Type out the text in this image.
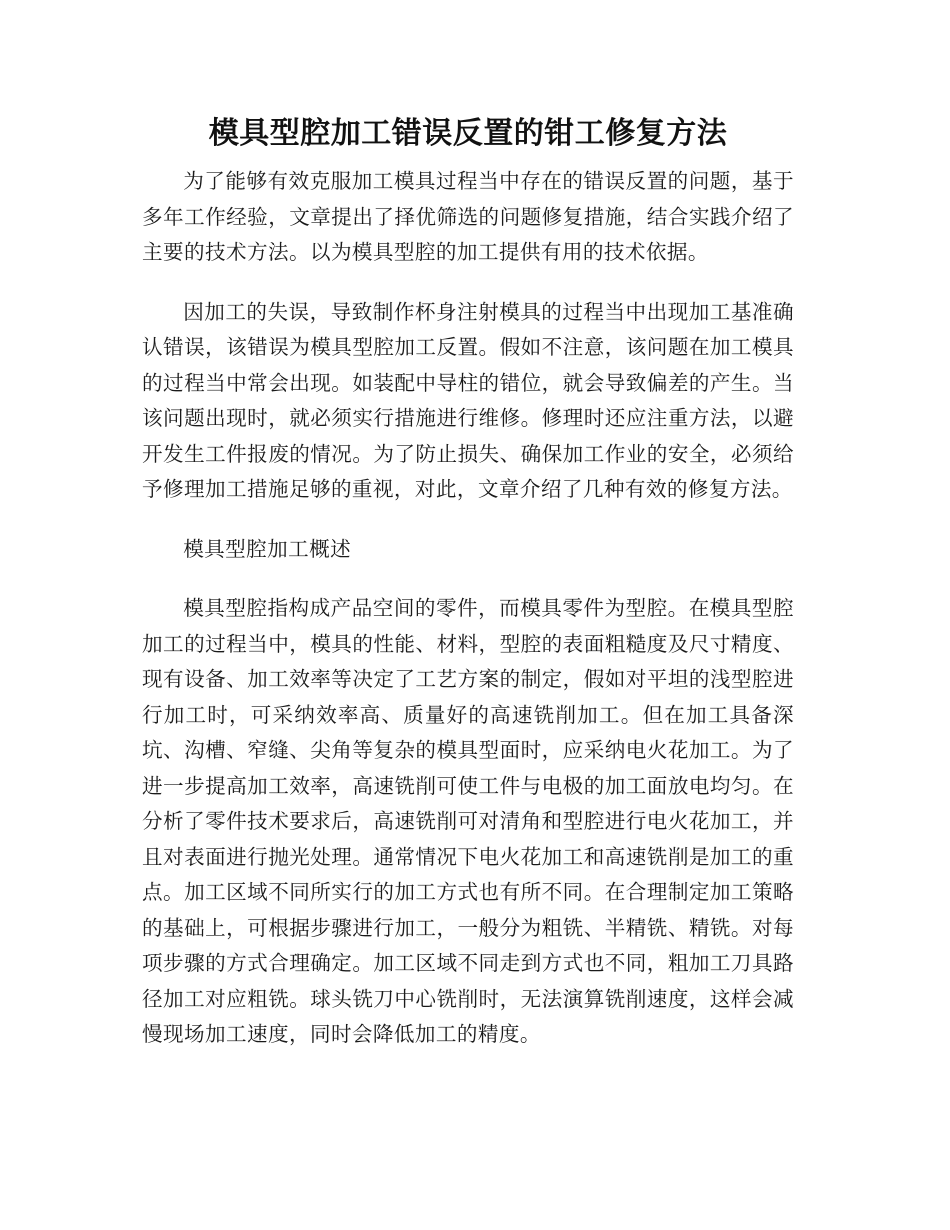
模具型腔加工错误反置的钳工修复方法

为了能够有效克服加工模具过程当中存在的错误反置的问题，基于多年工作经验，文章提出了择优筛选的问题修复措施，结合实践介绍了主要的技术方法。以为模具型腔的加工提供有用的技术依据。

因加工的失误，导致制作杯身注射模具的过程当中出现加工基准确认错误，该错误为模具型腔加工反置。假如不注意，该问题在加工模具的过程当中常会出现。如装配中导柱的错位，就会导致偏差的产生。当该问题出现时，就必须实行措施进行维修。修理时还应注重方法，以避开发生工件报废的情况。为了防止损失、确保加工作业的安全，必须给予修理加工措施足够的重视，对此，文章介绍了几种有效的修复方法。

模具型腔加工概述

模具型腔指构成产品空间的零件，而模具零件为型腔。在模具型腔加工的过程当中，模具的性能、材料，型腔的表面粗糙度及尺寸精度、现有设备、加工效率等决定了工艺方案的制定，假如对平坦的浅型腔进行加工时，可采纳效率高、质量好的高速铣削加工。但在加工具备深坑、沟槽、窄缝、尖角等复杂的模具型面时，应采纳电火花加工。为了进一步提高加工效率，高速铣削可使工件与电极的加工面放电均匀。在分析了零件技术要求后，高速铣削可对清角和型腔进行电火花加工，并且对表面进行抛光处理。通常情况下电火花加工和高速铣削是加工的重点。加工区域不同所实行的加工方式也有所不同。在合理制定加工策略的基础上，可根据步骤进行加工，一般分为粗铣、半精铣、精铣。对每项步骤的方式合理确定。加工区域不同走到方式也不同，粗加工刀具路径加工对应粗铣。球头铣刀中心铣削时，无法演算铣削速度，这样会减慢现场加工速度，同时会降低加工的精度。
